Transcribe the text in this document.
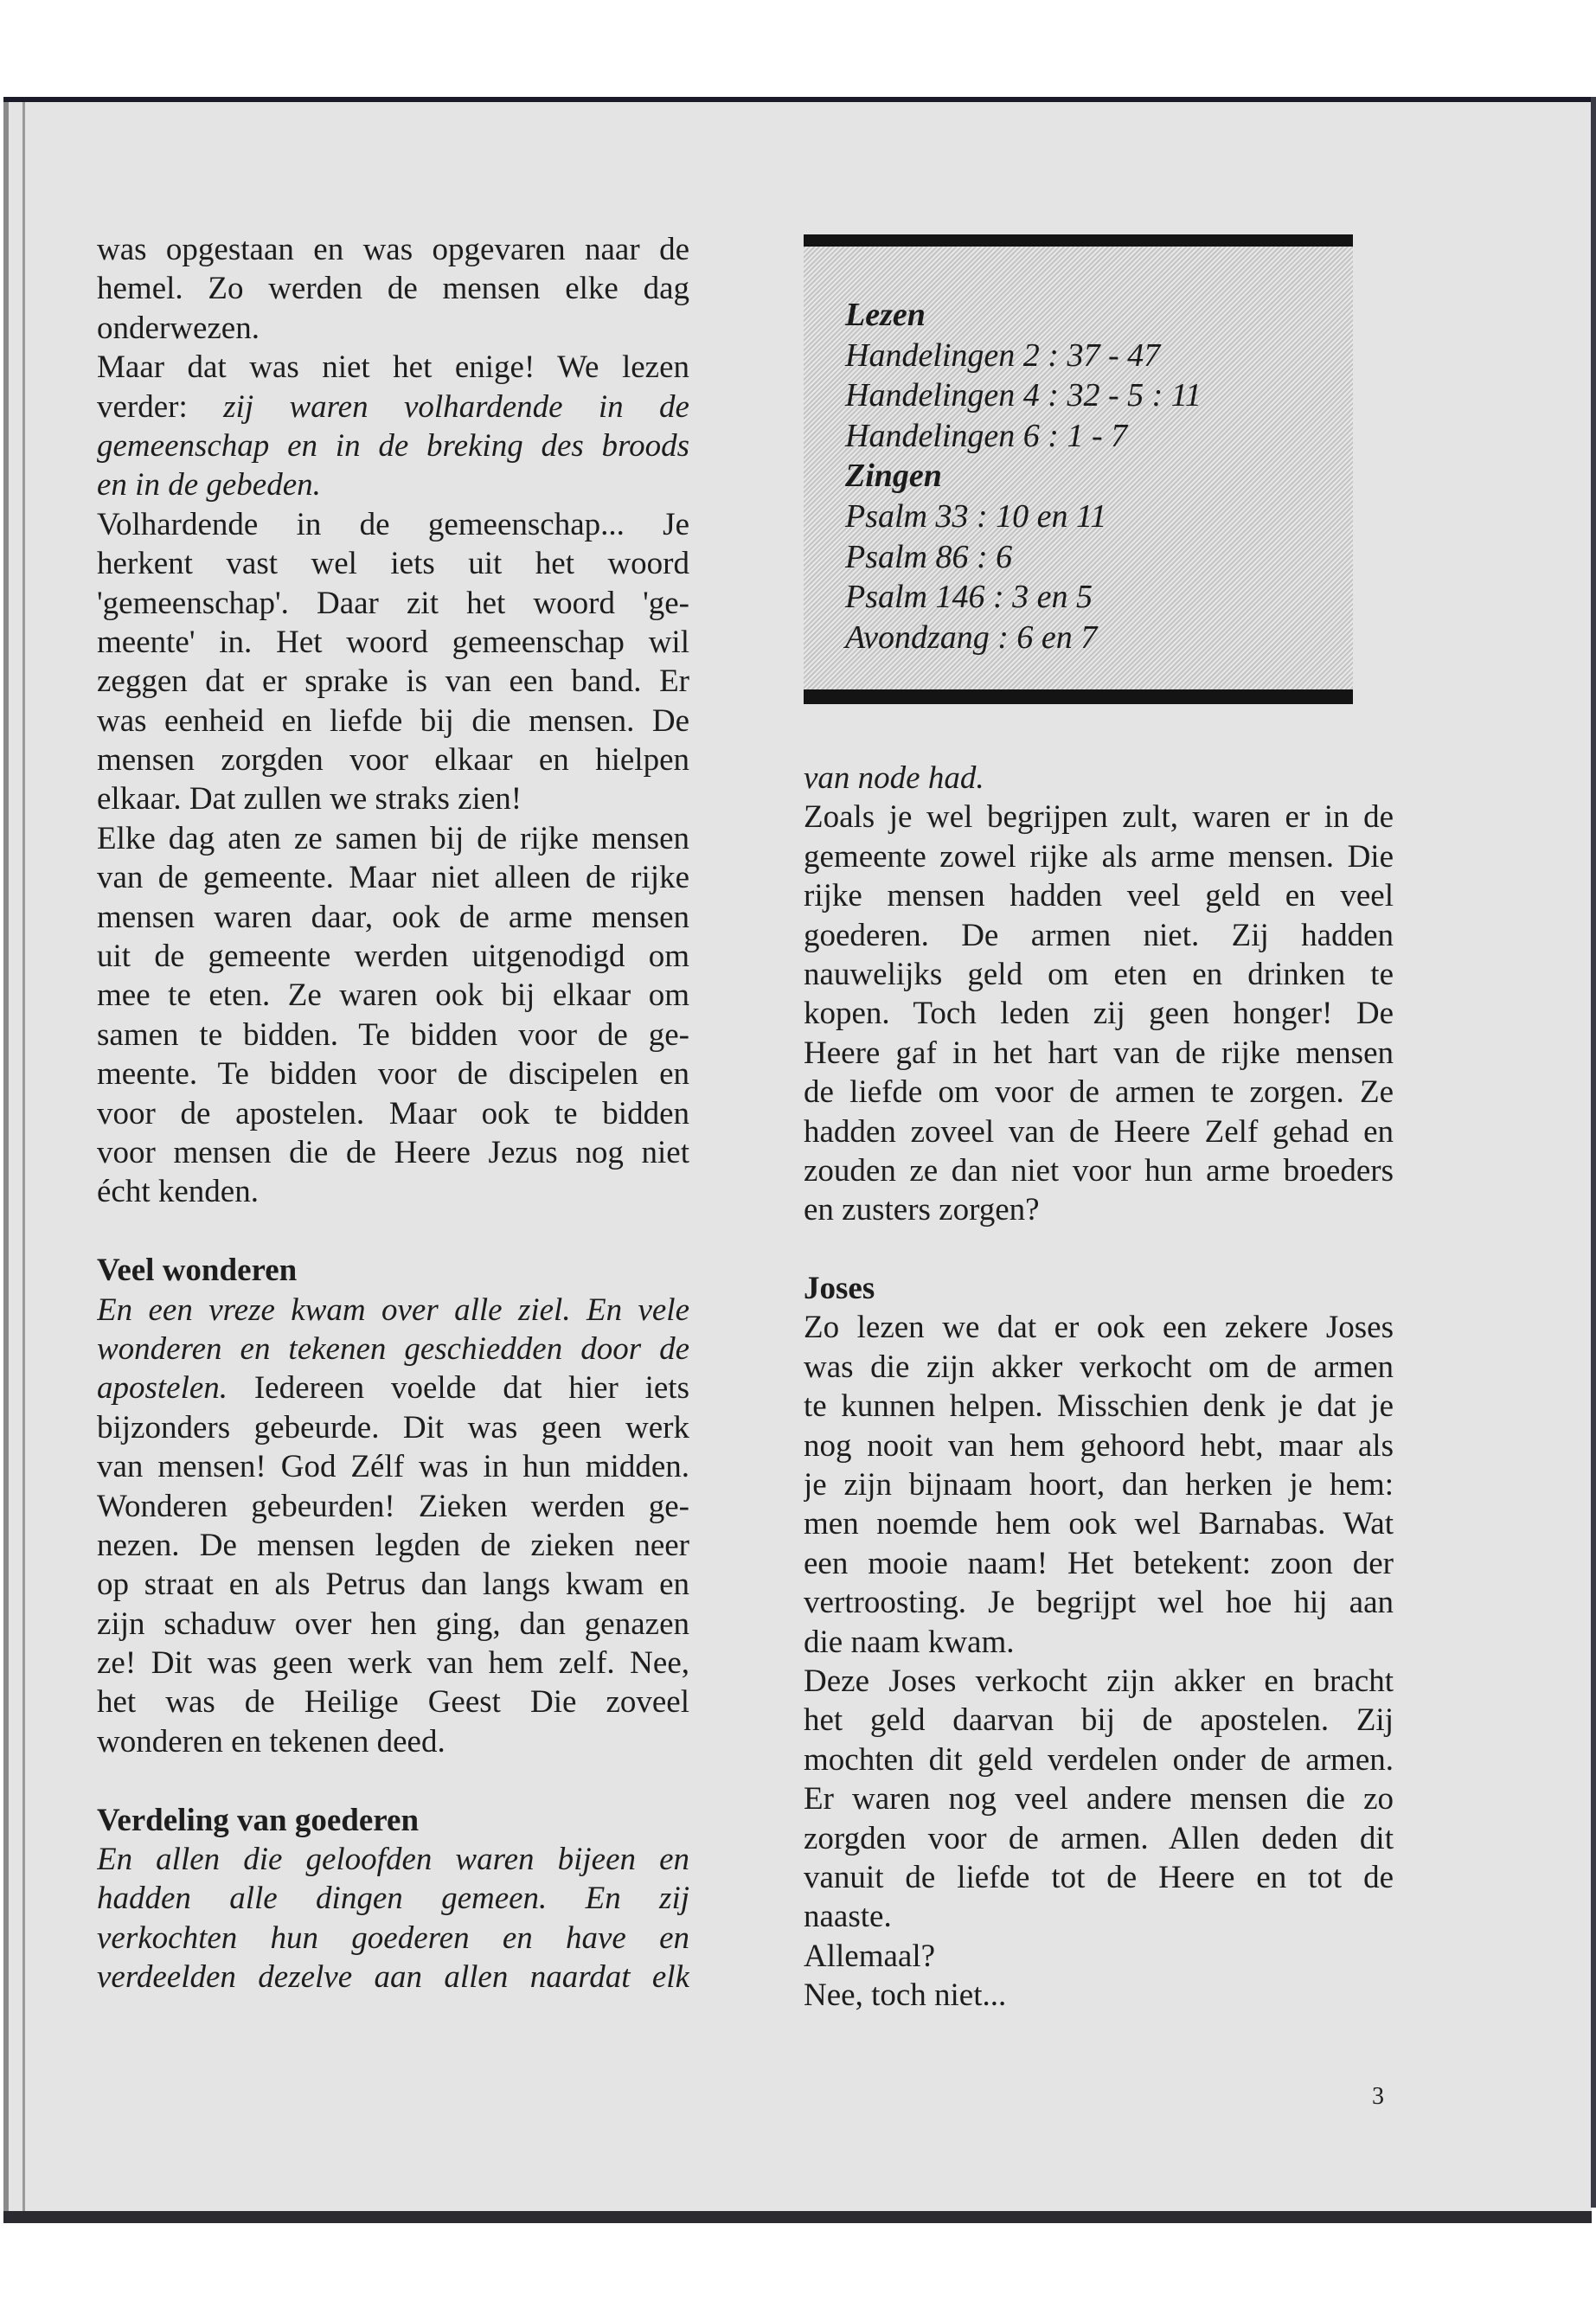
was opgestaan en was opgevaren naar de
hemel. Zo werden de mensen elke dag
onderwezen.
Maar dat was niet het enige! We lezen
verder: zij waren volhardende in de
gemeenschap en in de breking des broods
en in de gebeden.
Volhardende in de gemeenschap... Je
herkent vast wel iets uit het woord
'gemeenschap'. Daar zit het woord 'ge-
meente' in. Het woord gemeenschap wil
zeggen dat er sprake is van een band. Er
was eenheid en liefde bij die mensen. De
mensen zorgden voor elkaar en hielpen
elkaar. Dat zullen we straks zien!
Elke dag aten ze samen bij de rijke mensen
van de gemeente. Maar niet alleen de rijke
mensen waren daar, ook de arme mensen
uit de gemeente werden uitgenodigd om
mee te eten. Ze waren ook bij elkaar om
samen te bidden. Te bidden voor de ge-
meente. Te bidden voor de discipelen en
voor de apostelen. Maar ook te bidden
voor mensen die de Heere Jezus nog niet
écht kenden.
Veel wonderen
En een vreze kwam over alle ziel. En vele
wonderen en tekenen geschiedden door de
apostelen. Iedereen voelde dat hier iets
bijzonders gebeurde. Dit was geen werk
van mensen! God Zélf was in hun midden.
Wonderen gebeurden! Zieken werden ge-
nezen. De mensen legden de zieken neer
op straat en als Petrus dan langs kwam en
zijn schaduw over hen ging, dan genazen
ze! Dit was geen werk van hem zelf. Nee,
het was de Heilige Geest Die zoveel
wonderen en tekenen deed.
Verdeling van goederen
En allen die geloofden waren bijeen en
hadden alle dingen gemeen. En zij
verkochten hun goederen en have en
verdeelden dezelve aan allen naardat elk
Lezen
Handelingen 2 : 37 - 47
Handelingen 4 : 32 - 5 : 11
Handelingen 6 : 1 - 7
Zingen
Psalm 33 : 10 en 11
Psalm 86 : 6
Psalm 146 : 3 en 5
Avondzang : 6 en 7
van node had.
Zoals je wel begrijpen zult, waren er in de
gemeente zowel rijke als arme mensen. Die
rijke mensen hadden veel geld en veel
goederen. De armen niet. Zij hadden
nauwelijks geld om eten en drinken te
kopen. Toch leden zij geen honger! De
Heere gaf in het hart van de rijke mensen
de liefde om voor de armen te zorgen. Ze
hadden zoveel van de Heere Zelf gehad en
zouden ze dan niet voor hun arme broeders
en zusters zorgen?
Joses
Zo lezen we dat er ook een zekere Joses
was die zijn akker verkocht om de armen
te kunnen helpen. Misschien denk je dat je
nog nooit van hem gehoord hebt, maar als
je zijn bijnaam hoort, dan herken je hem:
men noemde hem ook wel Barnabas. Wat
een mooie naam! Het betekent: zoon der
vertroosting. Je begrijpt wel hoe hij aan
die naam kwam.
Deze Joses verkocht zijn akker en bracht
het geld daarvan bij de apostelen. Zij
mochten dit geld verdelen onder de armen.
Er waren nog veel andere mensen die zo
zorgden voor de armen. Allen deden dit
vanuit de liefde tot de Heere en tot de
naaste.
Allemaal?
Nee, toch niet...
3
